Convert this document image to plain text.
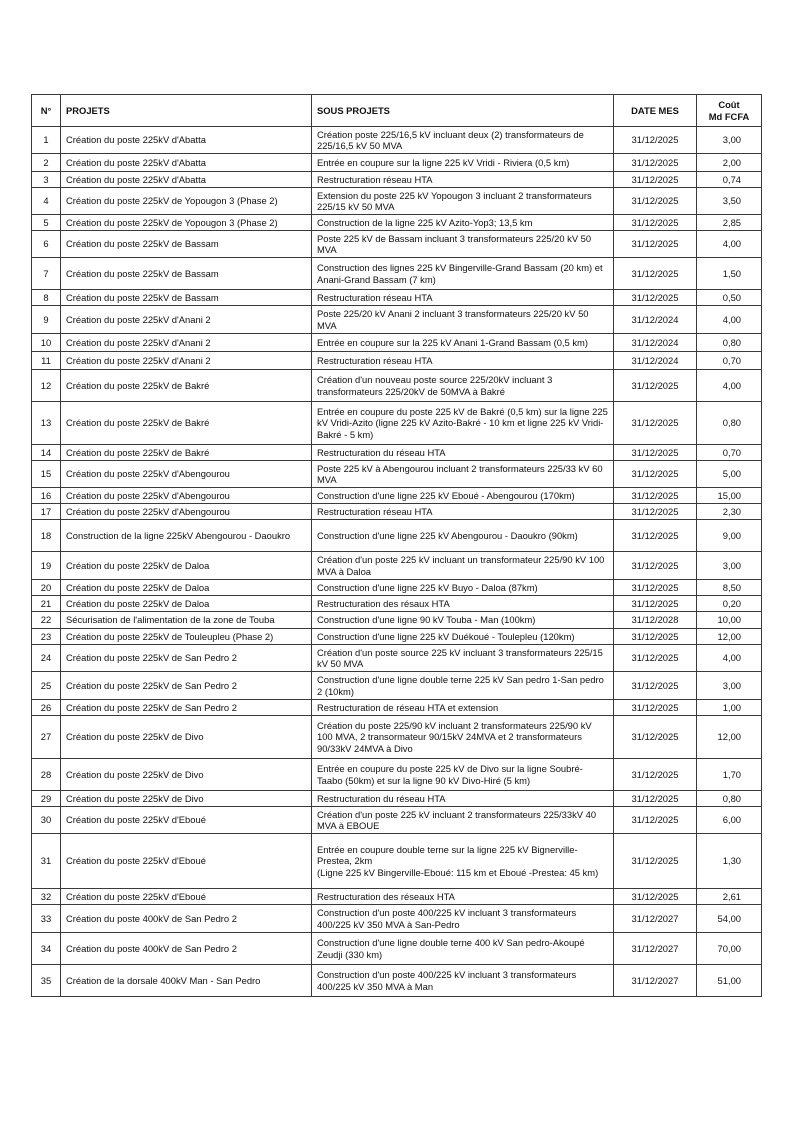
N°	PROJETS	SOUS PROJETS	DATE MES	Coût
Md FCFA
1	Création du poste 225kV d'Abatta	Création poste 225/16,5 kV incluant deux (2) transformateurs de 225/16,5 kV 50 MVA	31/12/2025	3,00
2	Création du poste 225kV d'Abatta	Entrée en coupure sur la ligne 225 kV Vridi - Riviera (0,5 km)	31/12/2025	2,00
3	Création du poste 225kV d'Abatta	Restructuration réseau HTA	31/12/2025	0,74
4	Création du poste 225kV de Yopougon 3 (Phase 2)	Extension du poste 225 kV Yopougon 3 incluant 2 transformateurs 225/15 kV 50 MVA	31/12/2025	3,50
5	Création du poste 225kV de Yopougon 3 (Phase 2)	Construction de la ligne 225 kV Azito-Yop3; 13,5 km	31/12/2025	2,85
6	Création du poste 225kV de Bassam	Poste 225 kV de Bassam incluant 3 transformateurs 225/20 kV 50 MVA	31/12/2025	4,00
7	Création du poste 225kV de Bassam	Construction des lignes 225 kV Bingerville-Grand Bassam (20 km) et Anani-Grand Bassam (7 km)	31/12/2025	1,50
8	Création du poste 225kV de Bassam	Restructuration réseau HTA	31/12/2025	0,50
9	Création du poste 225kV d'Anani 2	Poste 225/20 kV Anani 2 incluant 3 transformateurs 225/20 kV 50 MVA	31/12/2024	4,00
10	Création du poste 225kV d'Anani 2	Entrée en coupure sur la 225 kV Anani 1-Grand Bassam (0,5 km)	31/12/2024	0,80
11	Création du poste 225kV d'Anani 2	Restructuration réseau HTA	31/12/2024	0,70
12	Création du poste 225kV de Bakré	Création d'un nouveau poste source 225/20kV incluant 3 transformateurs 225/20kV de 50MVA à Bakré	31/12/2025	4,00
13	Création du poste 225kV de Bakré	Entrée en coupure du poste 225 kV de Bakré (0,5 km) sur la ligne 225 kV Vridi-Azito (ligne 225 kV Azito-Bakré - 10 km et ligne 225 kV Vridi-Bakré - 5 km)	31/12/2025	0,80
14	Création du poste 225kV de Bakré	Restructuration du réseau HTA	31/12/2025	0,70
15	Création du poste 225kV d'Abengourou	Poste 225 kV à Abengourou incluant 2 transformateurs 225/33 kV 60 MVA	31/12/2025	5,00
16	Création du poste 225kV d'Abengourou	Construction d'une ligne 225 kV Eboué - Abengourou (170km)	31/12/2025	15,00
17	Création du poste 225kV d'Abengourou	Restructuration réseau HTA	31/12/2025	2,30
18	Construction de la ligne 225kV Abengourou - Daoukro	Construction d'une ligne 225 kV Abengourou - Daoukro (90km)	31/12/2025	9,00
19	Création du poste 225kV de Daloa	Création d'un poste 225 kV incluant un transformateur 225/90 kV 100 MVA à Daloa	31/12/2025	3,00
20	Création du poste 225kV de Daloa	Construction d'une ligne 225 kV Buyo - Daloa (87km)	31/12/2025	8,50
21	Création du poste 225kV de Daloa	Restructuration des résaux HTA	31/12/2025	0,20
22	Sécurisation de l'alimentation de la zone de Touba	Construction d'une ligne 90 kV Touba - Man (100km)	31/12/2028	10,00
23	Création du poste 225kV de Touleupleu (Phase 2)	Construction d'une ligne 225 kV Duékoué - Toulepleu (120km)	31/12/2025	12,00
24	Création du poste 225kV de San Pedro 2	Création d'un poste source 225 kV incluant 3 transformateurs 225/15 kV 50 MVA	31/12/2025	4,00
25	Création du poste 225kV de San Pedro 2	Construction d'une ligne double terne 225 kV San pedro 1-San pedro 2 (10km)	31/12/2025	3,00
26	Création du poste 225kV de San Pedro 2	Restructuration de réseau HTA et extension	31/12/2025	1,00
27	Création du poste 225kV de Divo	Création du poste 225/90 kV incluant 2 transformateurs 225/90 kV 100 MVA, 2 transormateur 90/15kV 24MVA et 2 transformateurs 90/33kV 24MVA à Divo	31/12/2025	12,00
28	Création du poste 225kV de Divo	Entrée en coupure du poste 225 kV de Divo sur la ligne Soubré-Taabo (50km) et sur la ligne 90 kV Divo-Hiré (5 km)	31/12/2025	1,70
29	Création du poste 225kV de Divo	Restructuration du réseau HTA	31/12/2025	0,80
30	Création du poste 225kV d'Eboué	Création d'un poste 225 kV incluant 2 transformateurs 225/33kV 40 MVA à EBOUE	31/12/2025	6,00
31	Création du poste 225kV d'Eboué	Entrée en coupure double terne sur la ligne 225 kV Bignerville-Prestea, 2km
(Ligne 225 kV Bingerville-Eboué: 115 km et Eboué -Prestea: 45 km)	31/12/2025	1,30
32	Création du poste 225kV d'Eboué	Restructuration des réseaux HTA	31/12/2025	2,61
33	Création du poste 400kV de San Pedro 2	Construction d'un poste 400/225 kV incluant 3 transformateurs 400/225 kV 350 MVA à San-Pedro	31/12/2027	54,00
34	Création du poste 400kV de San Pedro 2	Construction d'une ligne double terne 400 kV San pedro-Akoupé Zeudji (330 km)	31/12/2027	70,00
35	Création de la dorsale 400kV Man - San Pedro	Construction d'un poste 400/225 kV incluant 3 transformateurs 400/225 kV 350 MVA à Man	31/12/2027	51,00
